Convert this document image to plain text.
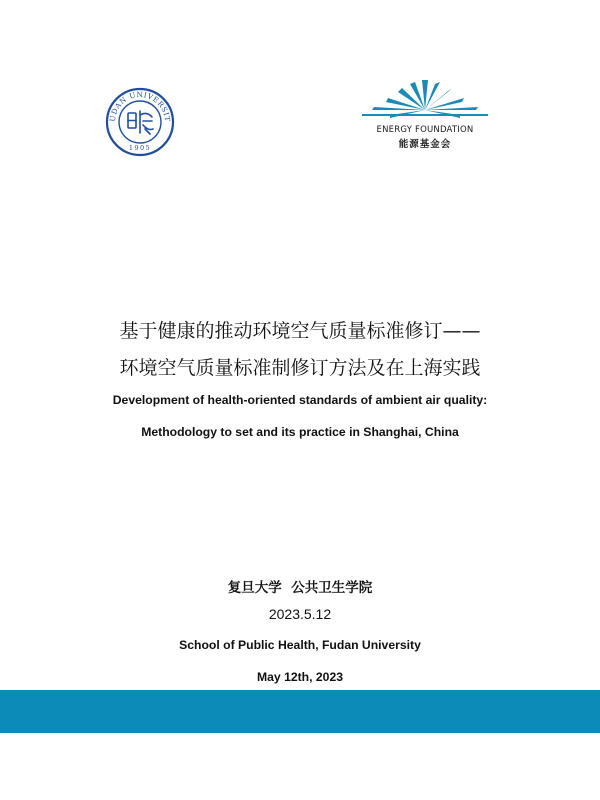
UDAN UNIVERSIT
1905
ENERGY FOUNDATION
能源基金会
基于健康的推动环境空气质量标准修订——
环境空气质量标准制修订方法及在上海实践
Development of health-oriented standards of ambient air quality:
Methodology to set and its practice in Shanghai, China
复旦大学  公共卫生学院
2023.5.12
School of Public Health, Fudan University
May 12th, 2023
